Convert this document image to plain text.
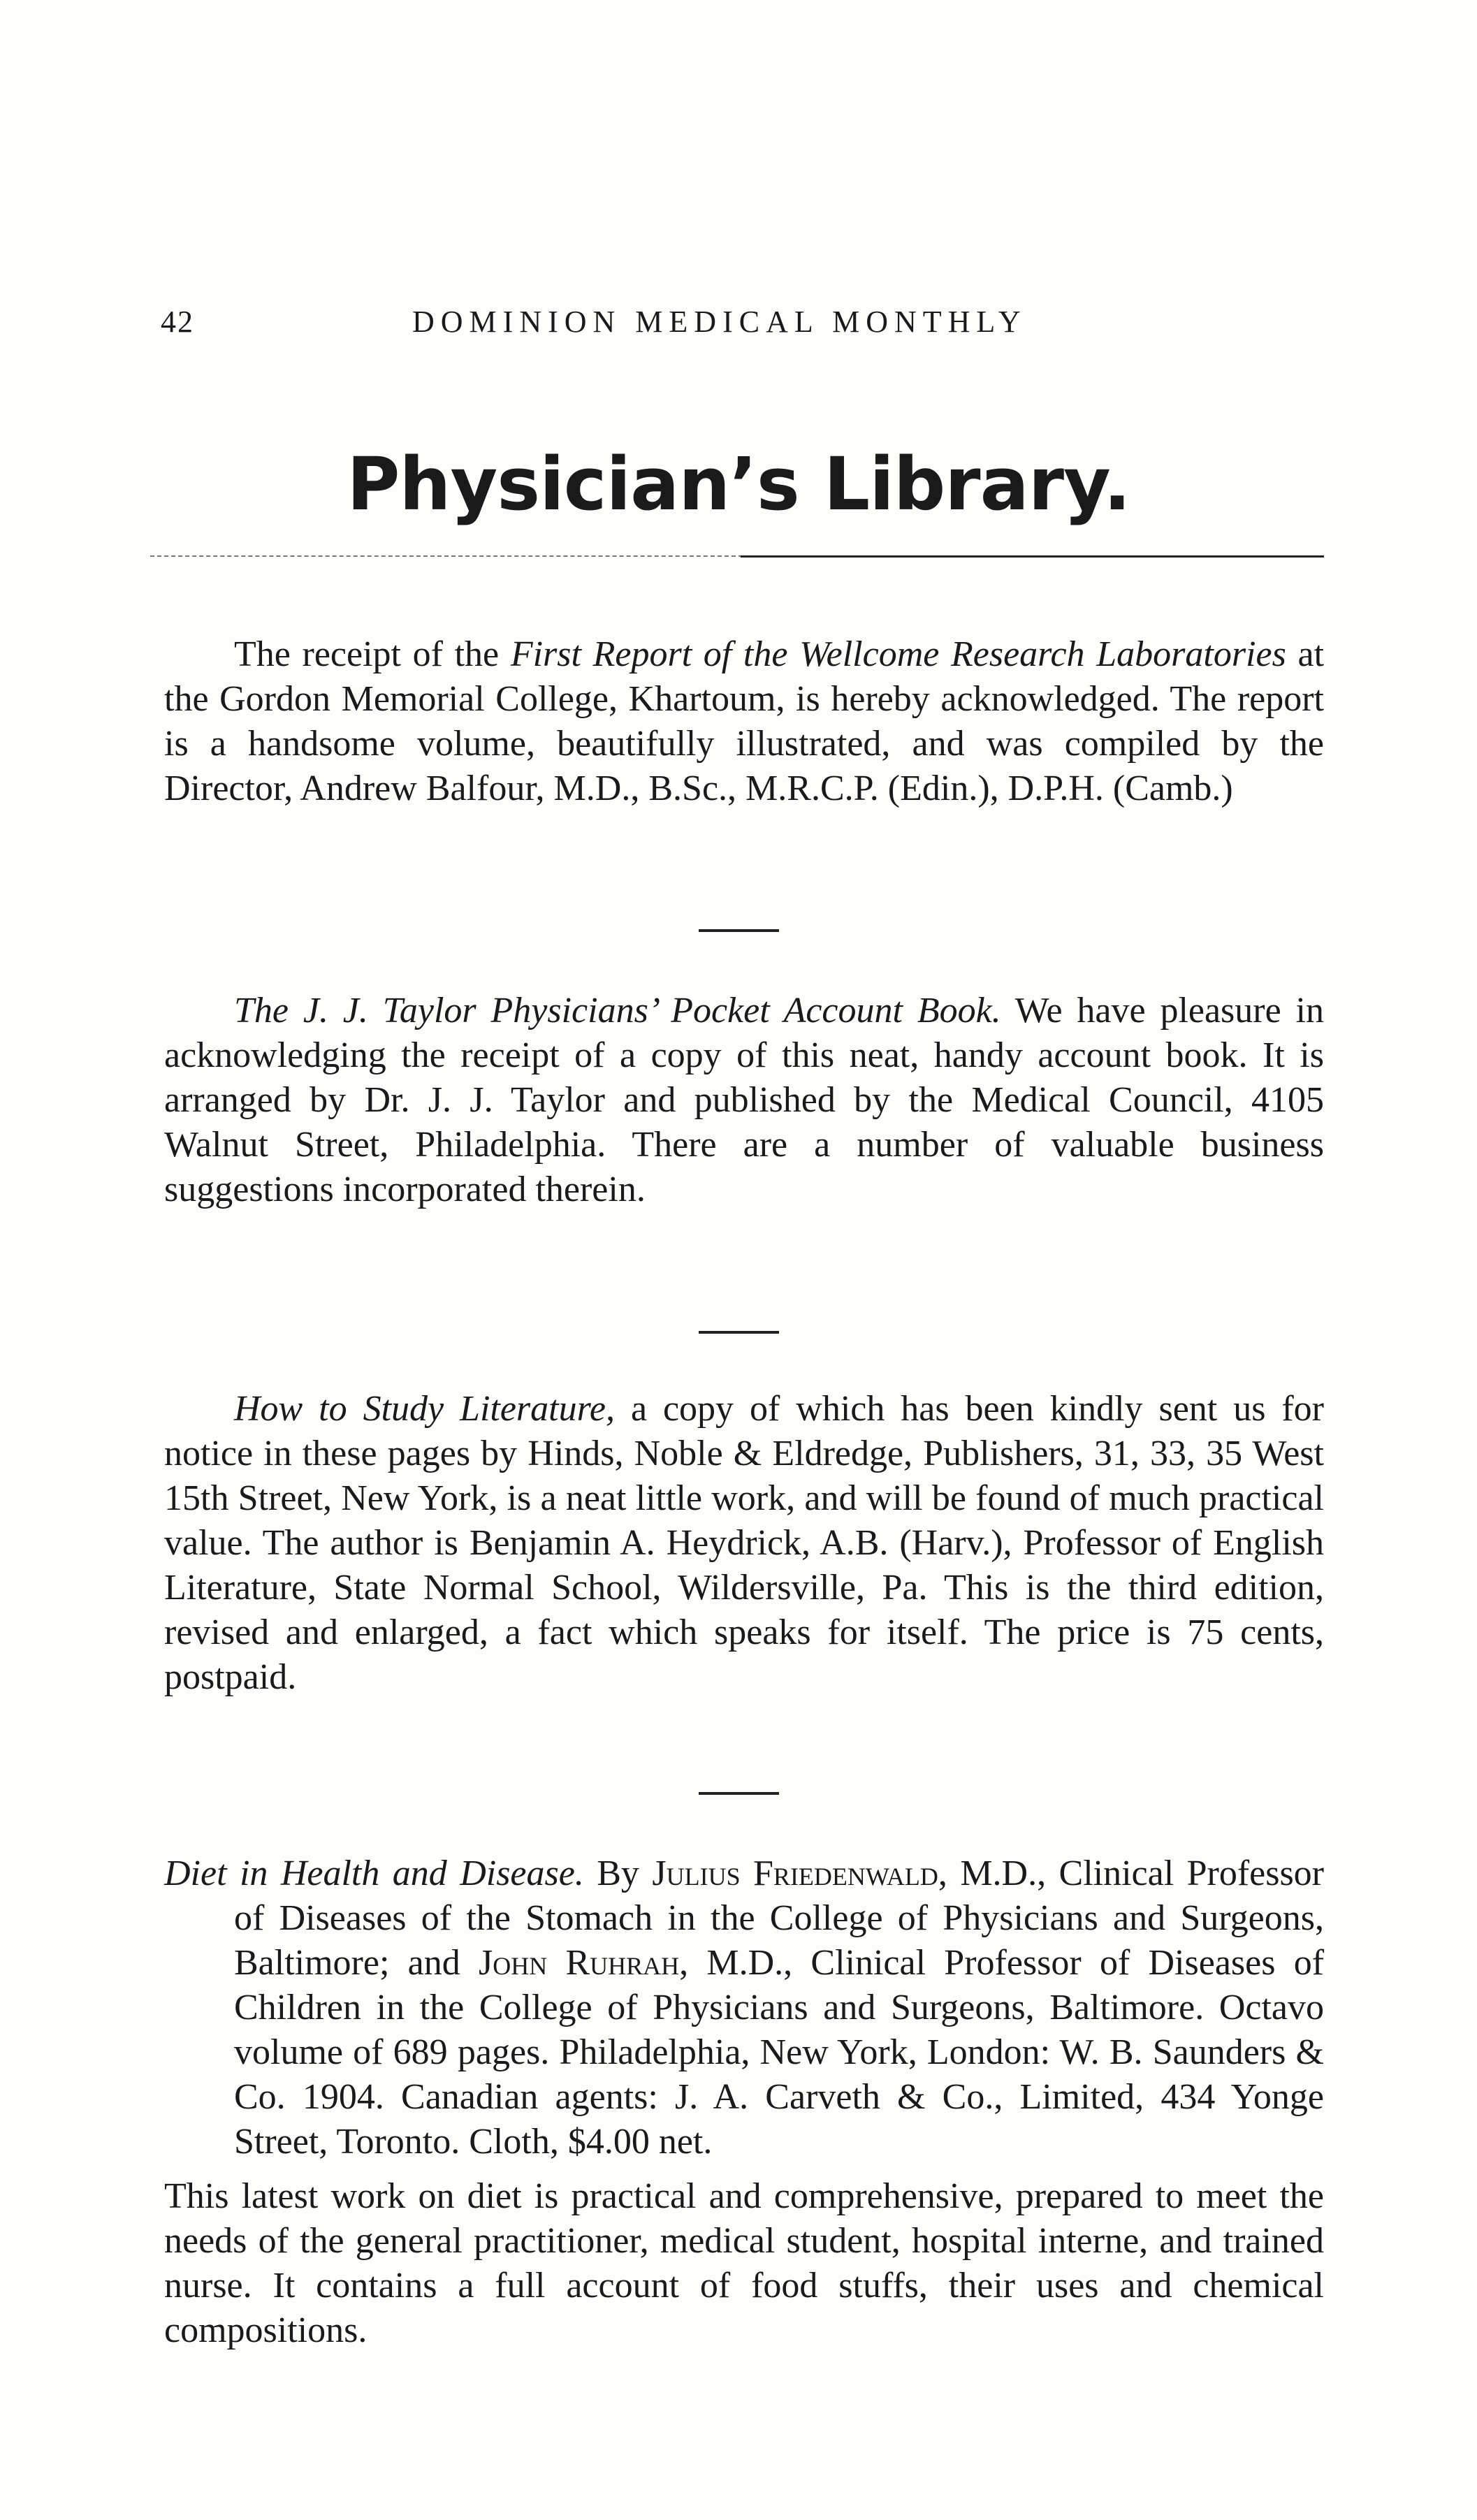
42	DOMINION MEDICAL MONTHLY
Physician’s Library.

The receipt of the First Report of the Wellcome Research Laboratories at the Gordon Memorial College, Khartoum, is hereby acknowledged. The report is a handsome volume, beautifully illustrated, and was compiled by the Director, Andrew Balfour, M.D., B.Sc., M.R.C.P. (Edin.), D.P.H. (Camb.)

The J. J. Taylor Physicians’ Pocket Account Book. We have pleasure in acknowledging the receipt of a copy of this neat, handy account book. It is arranged by Dr. J. J. Taylor and published by the Medical Council, 4105 Walnut Street, Philadelphia. There are a number of valuable business suggestions incorporated therein.

How to Study Literature, a copy of which has been kindly sent us for notice in these pages by Hinds, Noble & Eldredge, Publishers, 31, 33, 35 West 15th Street, New York, is a neat little work, and will be found of much practical value. The author is Benjamin A. Heydrick, A.B. (Harv.), Professor of English Literature, State Normal School, Wildersville, Pa. This is the third edition, revised and enlarged, a fact which speaks for itself. The price is 75 cents, postpaid.

Diet in Health and Disease. By Julius Friedenwald, M.D., Clinical Professor of Diseases of the Stomach in the College of Physicians and Surgeons, Baltimore; and John Ruhrah, M.D., Clinical Professor of Diseases of Children in the College of Physicians and Surgeons, Baltimore. Octavo volume of 689 pages. Philadelphia, New York, London: W. B. Saunders & Co. 1904. Canadian agents: J. A. Carveth & Co., Limited, 434 Yonge Street, Toronto. Cloth, $4.00 net.

This latest work on diet is practical and comprehensive, prepared to meet the needs of the general practitioner, medical student, hospital interne, and trained nurse. It contains a full account of food stuffs, their uses and chemical compositions.
